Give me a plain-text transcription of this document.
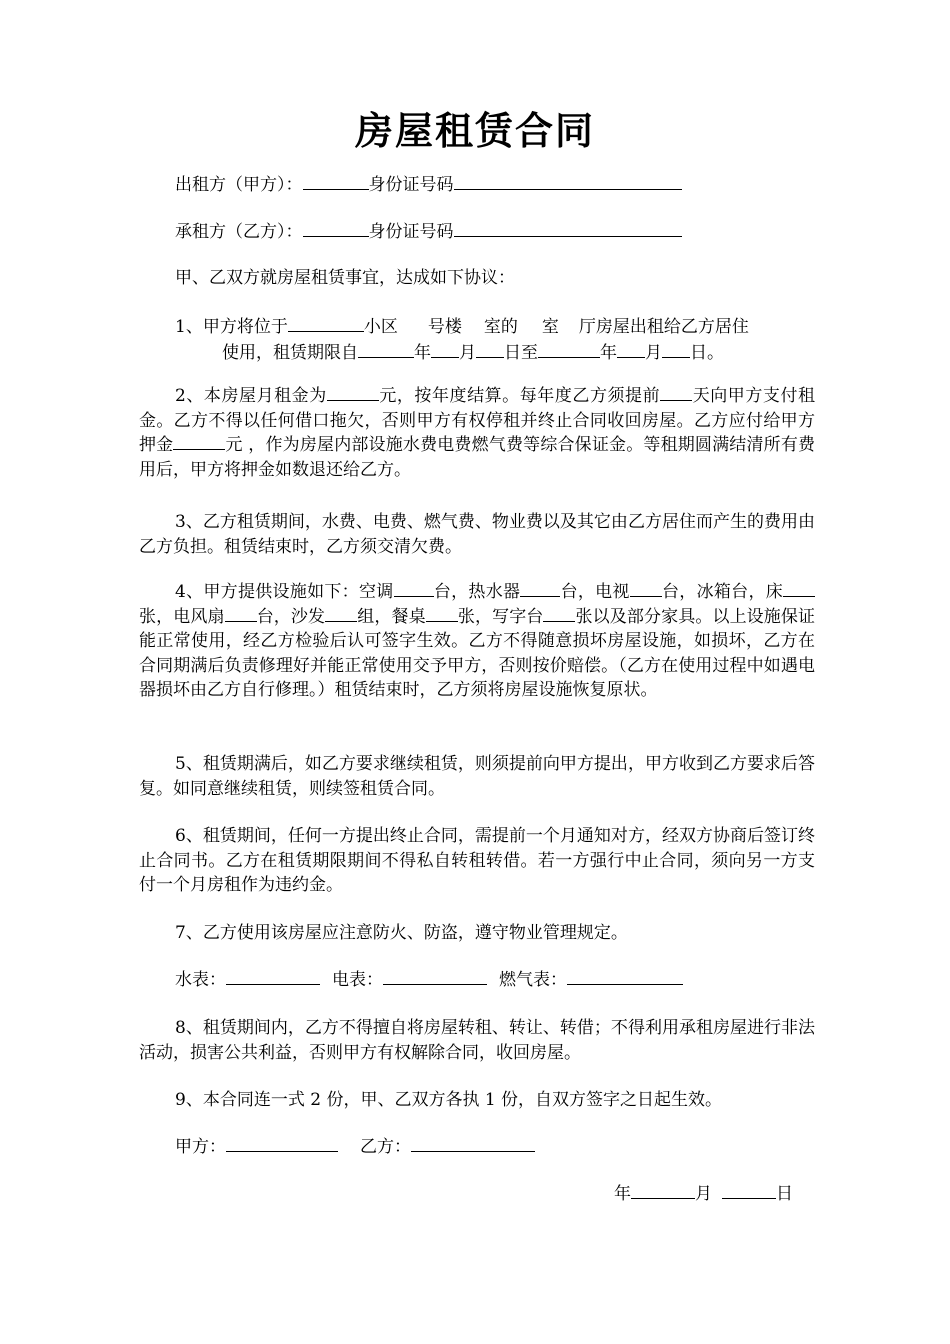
房屋租赁合同
出租方（甲方）：	身份证号码
承租方（乙方）：	身份证号码
甲、乙双方就房屋租赁事宜，达成如下协议：
1、甲方将位于	小区 号楼 室的 室 厅房屋出租给乙方居住
使用，租赁期限自	年 月 日至	年 月 日。
2、本房屋月租金为	元，按年度结算。每年度乙方须提前 天向甲方支付租金。乙方不得以任何借口拖欠，否则甲方有权停租并终止合同收回房屋。乙方应付给甲方押金	元 ，作为房屋内部设施水费电费燃气费等综合保证金。等租期圆满结清所有费用后，甲方将押金如数退还给乙方。
3、乙方租赁期间，水费、电费、燃气费、物业费以及其它由乙方居住而产生的费用由乙方负担。租赁结束时，乙方须交清欠费。
4、甲方提供设施如下：空调 台，热水器 台，电视 台，冰箱台，床张，电风扇 台，沙发 组，餐桌 张，写字台 张以及部分家具。以上设施保证能正常使用，经乙方检验后认可签字生效。乙方不得随意损坏房屋设施，如损坏，乙方在合同期满后负责修理好并能正常使用交予甲方，否则按价赔偿。（乙方在使用过程中如遇电器损坏由乙方自行修理。）租赁结束时，乙方须将房屋设施恢复原状。
5、租赁期满后，如乙方要求继续租赁，则须提前向甲方提出，甲方收到乙方要求后答复。如同意继续租赁，则续签租赁合同。
6、租赁期间，任何一方提出终止合同，需提前一个月通知对方，经双方协商后签订终止合同书。乙方在租赁期限期间不得私自转租转借。若一方强行中止合同，须向另一方支付一个月房租作为违约金。
7、乙方使用该房屋应注意防火、防盗，遵守物业管理规定。
水表：	电表：	燃气表：
8、租赁期间内，乙方不得擅自将房屋转租、转让、转借；不得利用承租房屋进行非法活动，损害公共利益，否则甲方有权解除合同，收回房屋。
9、本合同连一式 2 份，甲、乙双方各执 1 份，自双方签字之日起生效。
甲方：	乙方：
年	月	日
